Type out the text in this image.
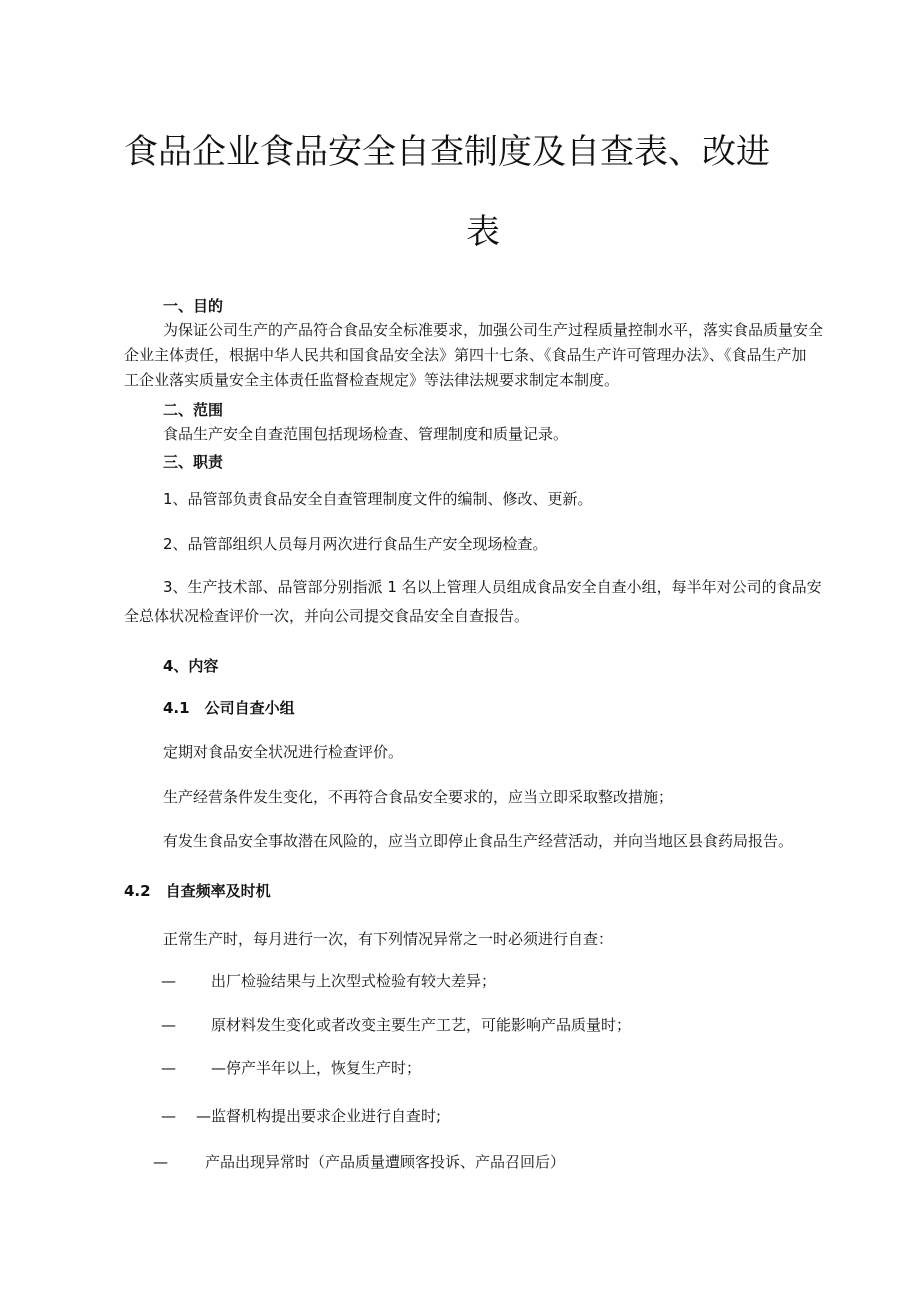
食品企业食品安全自查制度及自查表、改进
表
一、目的
为保证公司生产的产品符合食品安全标准要求，加强公司生产过程质量控制水平，落实食品质量安全
企业主体责任，根据中华人民共和国食品安全法》第四十七条、《食品生产许可管理办法》、《食品生产加
工企业落实质量安全主体责任监督检查规定》等法律法规要求制定本制度。
二、范围
食品生产安全自查范围包括现场检查、管理制度和质量记录。
三、职责
1、品管部负责食品安全自查管理制度文件的编制、修改、更新。
2、品管部组织人员每月两次进行食品生产安全现场检查。
3、生产技术部、品管部分别指派 1 名以上管理人员组成食品安全自查小组，每半年对公司的食品安
全总体状况检查评价一次，并向公司提交食品安全自查报告。
4、内容
4.1　公司自查小组
定期对食品安全状况进行检查评价。
生产经营条件发生变化，不再符合食品安全要求的，应当立即采取整改措施；
有发生食品安全事故潜在风险的，应当立即停止食品生产经营活动，并向当地区县食药局报告。
4.2　自查频率及时机
正常生产时，每月进行一次，有下列情况异常之一时必须进行自查：
— 出厂检验结果与上次型式检验有较大差异；
— 原材料发生变化或者改变主要生产工艺，可能影响产品质量时；
— —停产半年以上，恢复生产时；
— —监督机构提出要求企业进行自查时;
— 产品出现异常时（产品质量遭顾客投诉、产品召回后）
